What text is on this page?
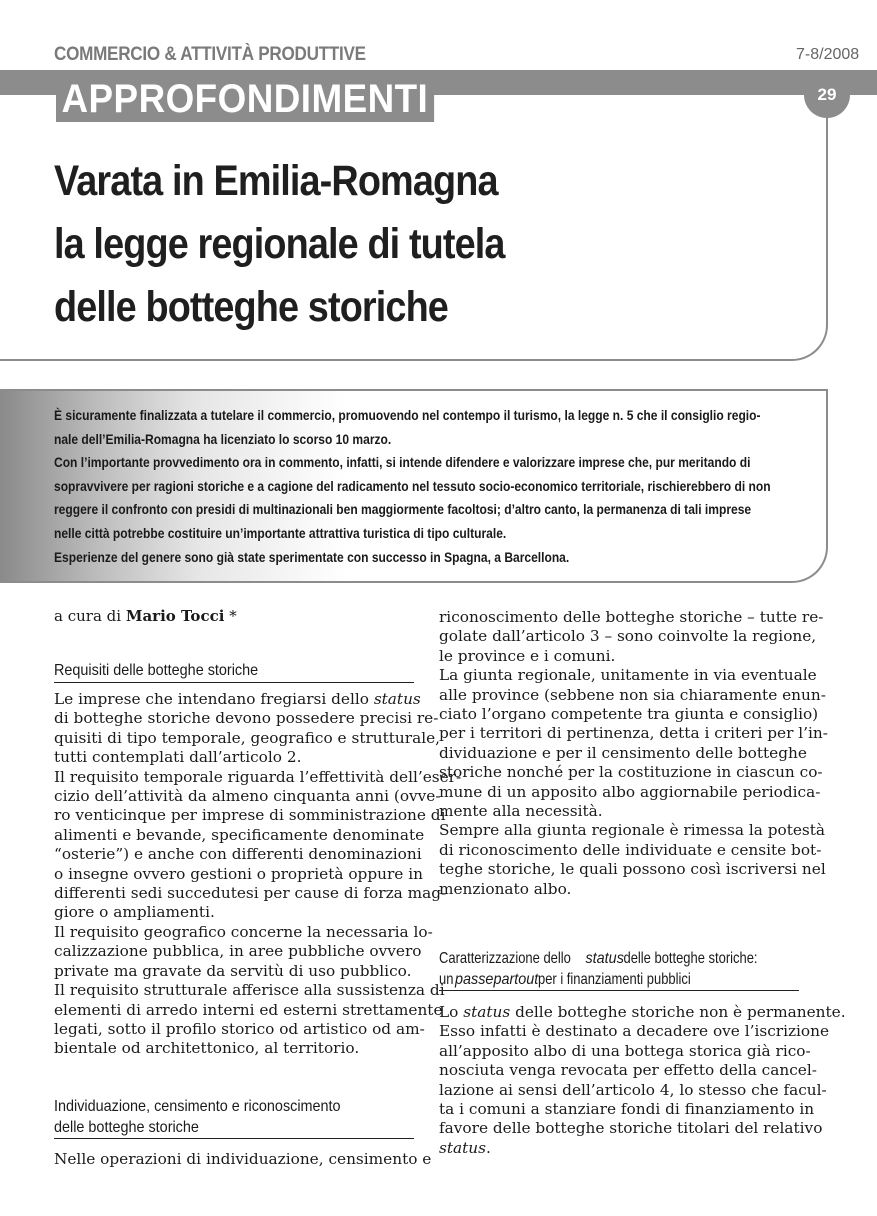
COMMERCIO & ATTIVITÀ PRODUTTIVE	7-8/2008
APPROFONDIMENTI	29
Varata in Emilia-Romagna
la legge regionale di tutela
delle botteghe storiche

È sicuramente finalizzata a tutelare il commercio, promuovendo nel contempo il turismo, la legge n. 5 che il consiglio regio-

nale dell’Emilia-Romagna ha licenziato lo scorso 10 marzo.

Con l’importante provvedimento ora in commento, infatti, si intende difendere e valorizzare imprese che, pur meritando di

sopravvivere per ragioni storiche e a cagione del radicamento nel tessuto socio-economico territoriale, rischierebbero di non

reggere il confronto con presidi di multinazionali ben maggiormente facoltosi; d’altro canto, la permanenza di tali imprese

nelle città potrebbe costituire un’importante attrattiva turistica di tipo culturale.

Esperienze del genere sono già state sperimentate con successo in Spagna, a Barcellona.

a cura di Mario Tocci *
Requisiti delle botteghe storiche
Le imprese che intendano fregiarsi dello status
di botteghe storiche devono possedere precisi re-
quisiti di tipo temporale, geografico e strutturale,
tutti contemplati dall’articolo 2.
Il requisito temporale riguarda l’effettività dell’eser-
cizio dell’attività da almeno cinquanta anni (ovve-
ro venticinque per imprese di somministrazione di
alimenti e bevande, specificamente denominate
“osterie”) e anche con differenti denominazioni
o insegne ovvero gestioni o proprietà oppure in
differenti sedi succedutesi per cause di forza mag-
giore o ampliamenti.
Il requisito geografico concerne la necessaria lo-
calizzazione pubblica, in aree pubbliche ovvero
private ma gravate da servitù di uso pubblico.
Il requisito strutturale afferisce alla sussistenza di
elementi di arredo interni ed esterni strettamente
legati, sotto il profilo storico od artistico od am-
bientale od architettonico, al territorio.
Individuazione, censimento e riconoscimento
delle botteghe storiche
Nelle operazioni di individuazione, censimento e
riconoscimento delle botteghe storiche – tutte re-
golate dall’articolo 3 – sono coinvolte la regione,
le province e i comuni.
La giunta regionale, unitamente in via eventuale
alle province (sebbene non sia chiaramente enun-
ciato l’organo competente tra giunta e consiglio)
per i territori di pertinenza, detta i criteri per l’in-
dividuazione e per il censimento delle botteghe
storiche nonché per la costituzione in ciascun co-
mune di un apposito albo aggiornabile periodica-
mente alla necessità.
Sempre alla giunta regionale è rimessa la potestà
di riconoscimento delle individuate e censite bot-
teghe storiche, le quali possono così iscriversi nel
menzionato albo.
Caratterizzazione dellostatusdelle botteghe storiche:
unpassepartoutper i finanziamenti pubblici
Lo status delle botteghe storiche non è permanente.
Esso infatti è destinato a decadere ove l’iscrizione
all’apposito albo di una bottega storica già rico-
nosciuta venga revocata per effetto della cancel-
lazione ai sensi dell’articolo 4, lo stesso che facul-
ta i comuni a stanziare fondi di finanziamento in
favore delle botteghe storiche titolari del relativo
status.
